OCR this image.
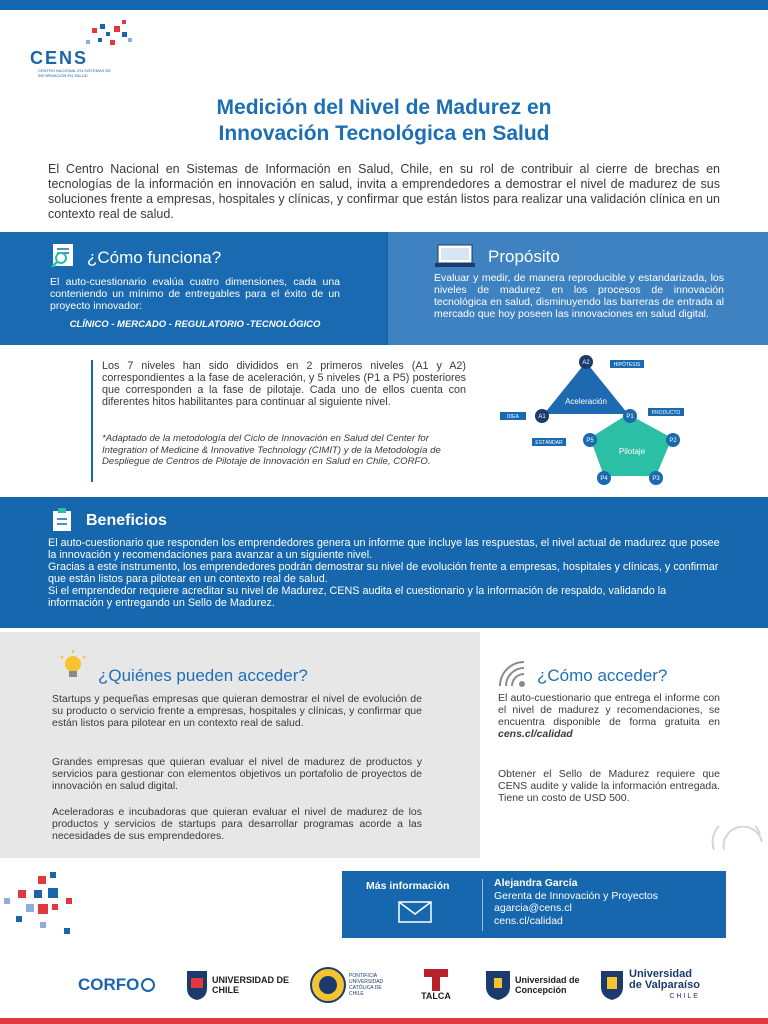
CENS
CENTRO NACIONAL EN SISTEMAS DE INFORMACIÓN EN SALUD
Medición del Nivel de Madurez en
Innovación Tecnológica en Salud
El Centro Nacional en Sistemas de Información en Salud, Chile, en su rol de contribuir al cierre de brechas en tecnologías de la información en innovación en salud, invita a emprendedores a demostrar el nivel de madurez de sus soluciones frente a empresas, hospitales y clínicas, y confirmar que están listos para realizar una validación clínica en un contexto real de salud.
¿Cómo funciona?
El auto-cuestionario evalúa cuatro dimensiones, cada una conteniendo un mínimo de entregables para el éxito de un proyecto innovador:
CLÍNICO - MERCADO - REGULATORIO -TECNOLÓGICO
Propósito
Evaluar y medir, de manera reproducible y estandarizada, los niveles de madurez en los procesos de innovación tecnológica en salud, disminuyendo las barreras de entrada al mercado que hoy poseen las innovaciones en salud digital.
Los 7 niveles han sido divididos en 2 primeros niveles (A1 y A2) correspondientes a la fase de aceleración, y 5 niveles (P1 a P5) posteriores que corresponden a la fase de pilotaje. Cada uno de ellos cuenta con diferentes hitos habilitantes para continuar al siguiente nivel.
*Adaptado de la metodología del Ciclo de Innovación en Salud del Center for Integration of Medicine & Innovative Technology (CIMIT) y de la Metodología de Despliegue de Centros de Pilotaje de Innovación en Salud en Chile, CORFO.
Aceleración
Pilotaje
A2
A1	P1
P2
P3
P4
P5
HIPÓTESIS
IDEA
PRODUCTO
ESTÁNDAR
Beneficios
El auto-cuestionario que responden los emprendedores genera un informe que incluye las respuestas, el nivel actual de madurez que posee la innovación y recomendaciones para avanzar a un siguiente nivel.
Gracias a este instrumento, los emprendedores podrán demostrar su nivel de evolución frente a empresas, hospitales y clínicas, y confirmar que están listos para pilotear en un contexto real de salud.
Si el emprendedor requiere acreditar su nivel de Madurez, CENS audita el cuestionario y la información de respaldo, validando la información y entregando un Sello de Madurez.
¿Quiénes pueden acceder?
Startups y pequeñas empresas que quieran demostrar el nivel de evolución de su producto o servicio frente a empresas, hospitales y clínicas, y confirmar que están listos para pilotear en un contexto real de salud.
Grandes empresas que quieran evaluar el nivel de madurez de productos y servicios para gestionar con elementos objetivos un portafolio de proyectos de innovación en salud digital.
Aceleradoras e incubadoras que quieran evaluar el nivel de madurez de los productos y servicios de startups para desarrollar programas acorde a las necesidades de sus emprendedores.
¿Cómo acceder?
El auto-cuestionario que entrega el informe con el nivel de madurez y recomendaciones, se encuentra disponible de forma gratuita en cens.cl/calidad
Obtener el Sello de Madurez requiere que CENS audite y valide la información entregada. Tiene un costo de USD 500.
Más información	Alejandra García
Gerenta de Innovación y Proyectos
agarcia@cens.cl
cens.cl/calidad
CORFO	UNIVERSIDAD DE CHILE
PONTIFICIA UNIVERSIDAD CATÓLICA DE CHILE	TALCA
Universidad de Concepción
Universidad
de Valparaíso
CHILE
